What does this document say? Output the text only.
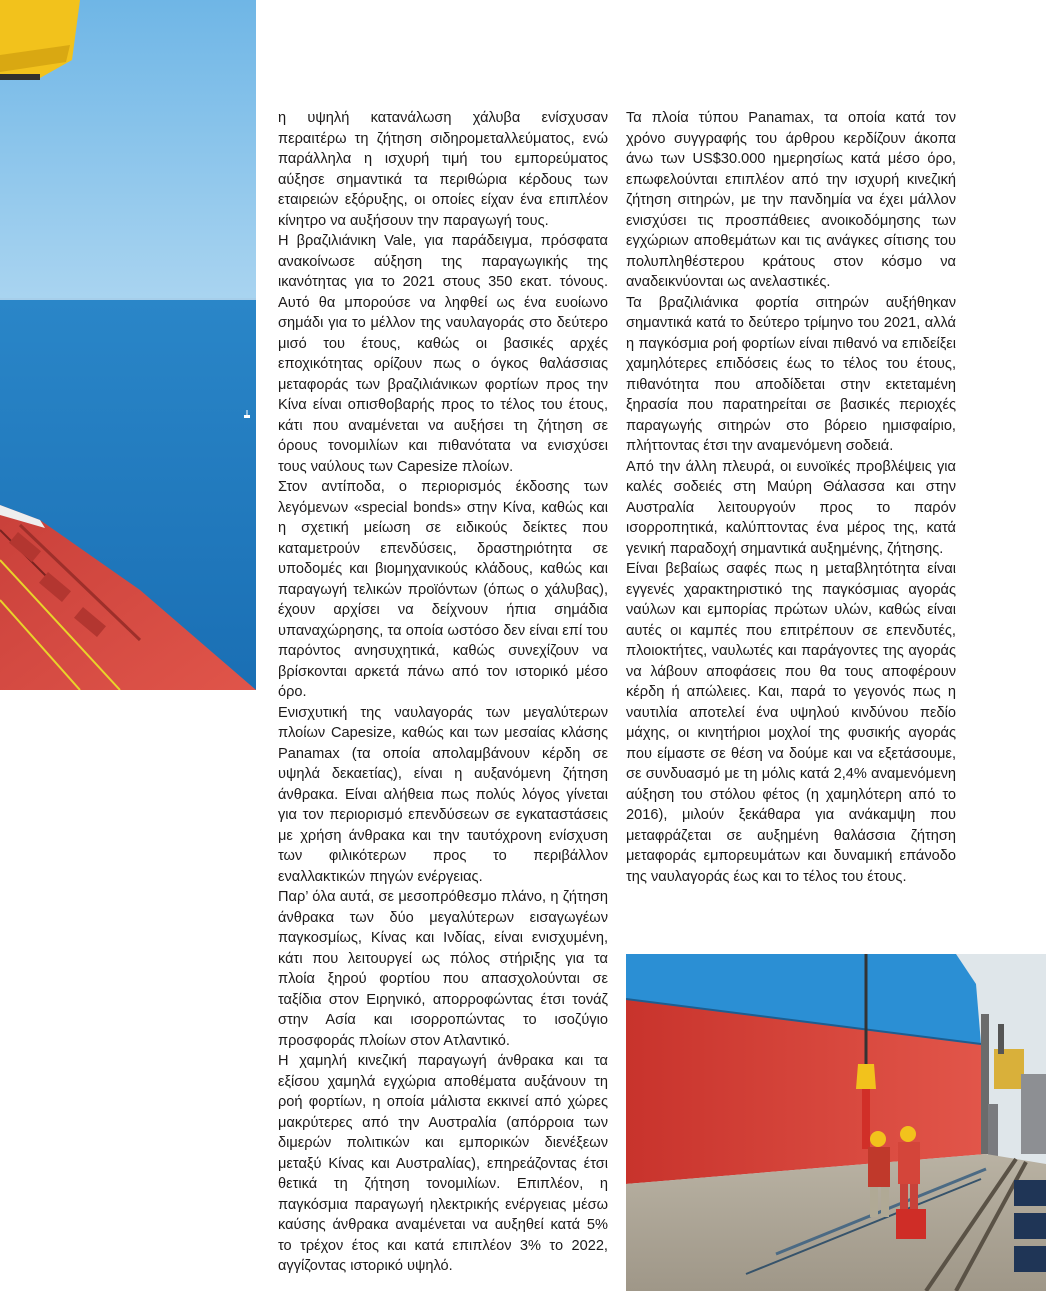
η υψηλή κατανάλωση χάλυβα ενίσχυσαν περαιτέρω τη ζήτηση σιδηρομεταλλεύματος, ενώ παράλληλα η ισχυρή τιμή του εμπορεύματος αύξησε σημαντικά τα περιθώρια κέρδους των εταιρειών εξόρυξης, οι οποίες είχαν ένα επιπλέον κίνητρο να αυξήσουν την παραγωγή τους.

Η βραζιλιάνικη Vale, για παράδειγμα, πρόσφατα ανακοίνωσε αύξηση της παραγωγικής της ικανότητας για το 2021 στους 350 εκατ. τόνους. Αυτό θα μπορούσε να ληφθεί ως ένα ευοίωνο σημάδι για το μέλλον της ναυλαγοράς στο δεύτερο μισό του έτους, καθώς οι βασικές αρχές εποχικότητας ορίζουν πως ο όγκος θαλάσσιας μεταφοράς των βραζιλιάνικων φορτίων προς την Κίνα είναι οπισθοβαρής προς το τέλος του έτους, κάτι που αναμένεται να αυξήσει τη ζήτηση σε όρους τονομιλίων και πιθανότατα να ενισχύσει τους ναύλους των Capesize πλοίων.

Στον αντίποδα, ο περιορισμός έκδοσης των λεγόμενων «special bonds» στην Κίνα, καθώς και η σχετική μείωση σε ειδικούς δείκτες που καταμετρούν επενδύσεις, δραστηριότητα σε υποδομές και βιομηχανικούς κλάδους, καθώς και παραγωγή τελικών προϊόντων (όπως ο χάλυβας), έχουν αρχίσει να δείχνουν ήπια σημάδια υπαναχώρησης, τα οποία ωστόσο δεν είναι επί του παρόντος ανησυχητικά, καθώς συνεχίζουν να βρίσκονται αρκετά πάνω από τον ιστορικό μέσο όρο.

Ενισχυτική της ναυλαγοράς των μεγαλύτερων πλοίων Capesize, καθώς και των μεσαίας κλάσης Panamax (τα οποία απολαμβάνουν κέρδη σε υψηλά δεκαετίας), είναι η αυξανόμενη ζήτηση άνθρακα. Είναι αλήθεια πως πολύς λόγος γίνεται για τον περιορισμό επενδύσεων σε εγκαταστάσεις με χρήση άνθρακα και την ταυτόχρονη ενίσχυση των φιλικότερων προς το περιβάλλον εναλλακτικών πηγών ενέργειας.

Παρ’ όλα αυτά, σε μεσοπρόθεσμο πλάνο, η ζήτηση άνθρακα των δύο μεγαλύτερων εισαγωγέων παγκοσμίως, Κίνας και Ινδίας, είναι ενισχυμένη, κάτι που λειτουργεί ως πόλος στήριξης για τα πλοία ξηρού φορτίου που απασχολούνται σε ταξίδια στον Ειρηνικό, απορροφώντας έτσι τονάζ στην Ασία και ισορροπώντας το ισοζύγιο προσφοράς πλοίων στον Ατλαντικό.

Η χαμηλή κινεζική παραγωγή άνθρακα και τα εξίσου χαμηλά εγχώρια αποθέματα αυξάνουν τη ροή φορτίων, η οποία μάλιστα εκκινεί από χώρες μακρύτερες από την Αυστραλία (απόρροια των διμερών πολιτικών και εμπορικών διενέξεων μεταξύ Κίνας και Αυστραλίας), επηρεάζοντας έτσι θετικά τη ζήτηση τονομιλίων. Επιπλέον, η παγκόσμια παραγωγή ηλεκτρικής ενέργειας μέσω καύσης άνθρακα αναμένεται να αυξηθεί κατά 5% το τρέχον έτος και κατά επιπλέον 3% το 2022, αγγίζοντας ιστορικό υψηλό.

Τα πλοία τύπου Panamax, τα οποία κατά τον χρόνο συγγραφής του άρθρου κερδίζουν άκοπα άνω των US$30.000 ημερησίως κατά μέσο όρο, επωφελούνται επιπλέον από την ισχυρή κινεζική ζήτηση σιτηρών, με την πανδημία να έχει μάλλον ενισχύσει τις προσπάθειες ανοικοδόμησης των εγχώριων αποθεμάτων και τις ανάγκες σίτισης του πολυπληθέστερου κράτους στον κόσμο να αναδεικνύονται ως ανελαστικές.

Τα βραζιλιάνικα φορτία σιτηρών αυξήθηκαν σημαντικά κατά το δεύτερο τρίμηνο του 2021, αλλά η παγκόσμια ροή φορτίων είναι πιθανό να επιδείξει χαμηλότερες επιδόσεις έως το τέλος του έτους, πιθανότητα που αποδίδεται στην εκτεταμένη ξηρασία που παρατηρείται σε βασικές περιοχές παραγωγής σιτηρών στο βόρειο ημισφαίριο, πλήττοντας έτσι την αναμενόμενη σοδειά.

Από την άλλη πλευρά, οι ευνοϊκές προβλέψεις για καλές σοδειές στη Μαύρη Θάλασσα και στην Αυστραλία λειτουργούν προς το παρόν ισορροπητικά, καλύπτοντας ένα μέρος της, κατά γενική παραδοχή σημαντικά αυξημένης, ζήτησης.

Είναι βεβαίως σαφές πως η μεταβλητότητα είναι εγγενές χαρακτηριστικό της παγκόσμιας αγοράς ναύλων και εμπορίας πρώτων υλών, καθώς είναι αυτές οι καμπές που επιτρέπουν σε επενδυτές, πλοιοκτήτες, ναυλωτές και παράγοντες της αγοράς να λάβουν αποφάσεις που θα τους αποφέρουν κέρδη ή απώλειες. Και, παρά το γεγονός πως η ναυτιλία αποτελεί ένα υψηλού κινδύνου πεδίο μάχης, οι κινητήριοι μοχλοί της φυσικής αγοράς που είμαστε σε θέση να δούμε και να εξετάσουμε, σε συνδυασμό με τη μόλις κατά 2,4% αναμενόμενη αύξηση του στόλου φέτος (η χαμηλότερη από το 2016), μιλούν ξεκάθαρα για ανάκαμψη που μεταφράζεται σε αυξημένη θαλάσσια ζήτηση μεταφοράς εμπορευμάτων και δυναμική επάνοδο της ναυλαγοράς έως και το τέλος του έτους.
